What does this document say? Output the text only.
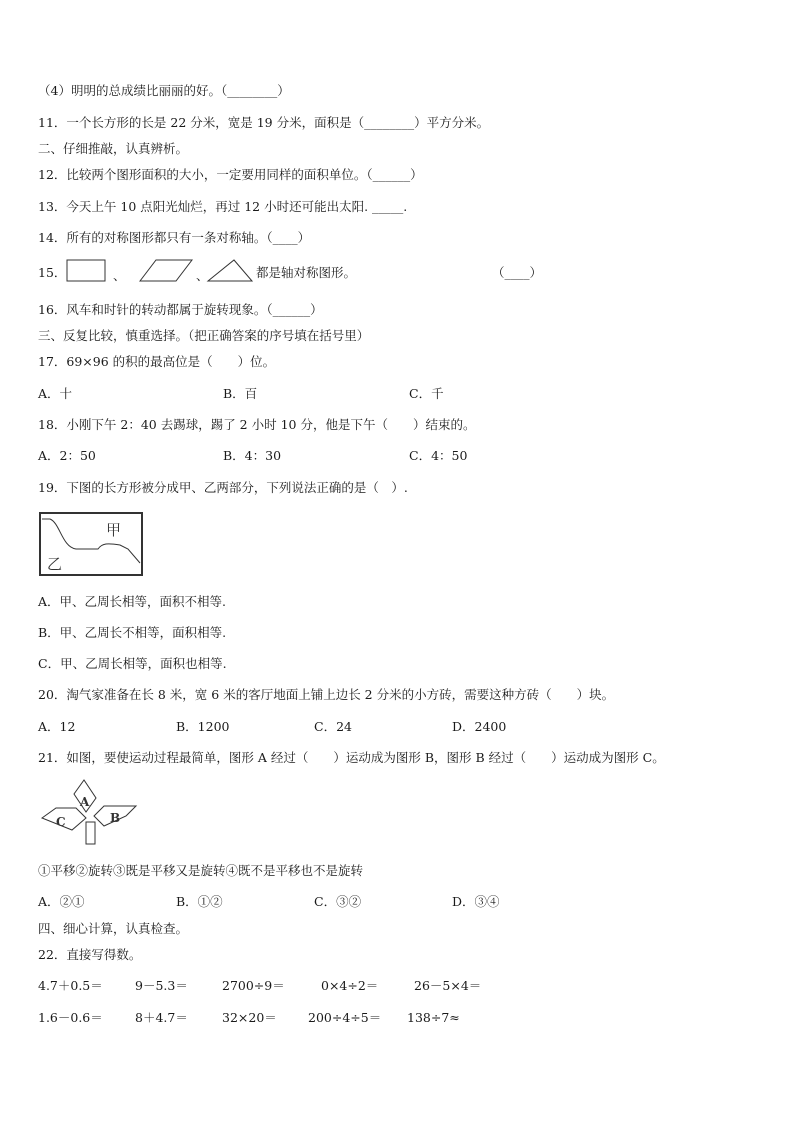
（4）明明的总成绩比丽丽的好。（________）
11．一个长方形的长是 22 分米，宽是 19 分米，面积是（________）平方分米。
二、仔细推敲，认真辨析。
12．比较两个图形面积的大小，一定要用同样的面积单位。（______）
13．今天上午 10 点阳光灿烂，再过 12 小时还可能出太阳. _____.
14．所有的对称图形都只有一条对称轴。（____）
15．	、	、	都是轴对称图形。	（____）
16．风车和时针的转动都属于旋转现象。（______）
三、反复比较，慎重选择。（把正确答案的序号填在括号里）
17．69×96 的积的最高位是（　　）位。
A．十	B．百	C．千
18．小刚下午 2：40 去踢球，踢了 2 小时 10 分，他是下午（　　）结束的。
A．2：50	B．4：30	C．4：50
19．下图的长方形被分成甲、乙两部分，下列说法正确的是（　）.
甲
乙
A．甲、乙周长相等，面积不相等.
B．甲、乙周长不相等，面积相等.
C．甲、乙周长相等，面积也相等.
20．淘气家准备在长 8 米，宽 6 米的客厅地面上铺上边长 2 分米的小方砖，需要这种方砖（　　）块。
A．12	B．1200	C．24	D．2400
21．如图，要使运动过程最简单，图形 A 经过（　　）运动成为图形 B，图形 B 经过（　　）运动成为图形 C。
A
B
C
①平移②旋转③既是平移又是旋转④既不是平移也不是旋转
A．②①	B．①②	C．③②	D．③④
四、细心计算，认真检查。
22．直接写得数。
4.7＋0.5＝	9－5.3＝	2700÷9＝	0×4÷2＝	26－5×4＝
1.6－0.6＝	8＋4.7＝	32×20＝ 200÷4÷5＝ 138÷7≈
